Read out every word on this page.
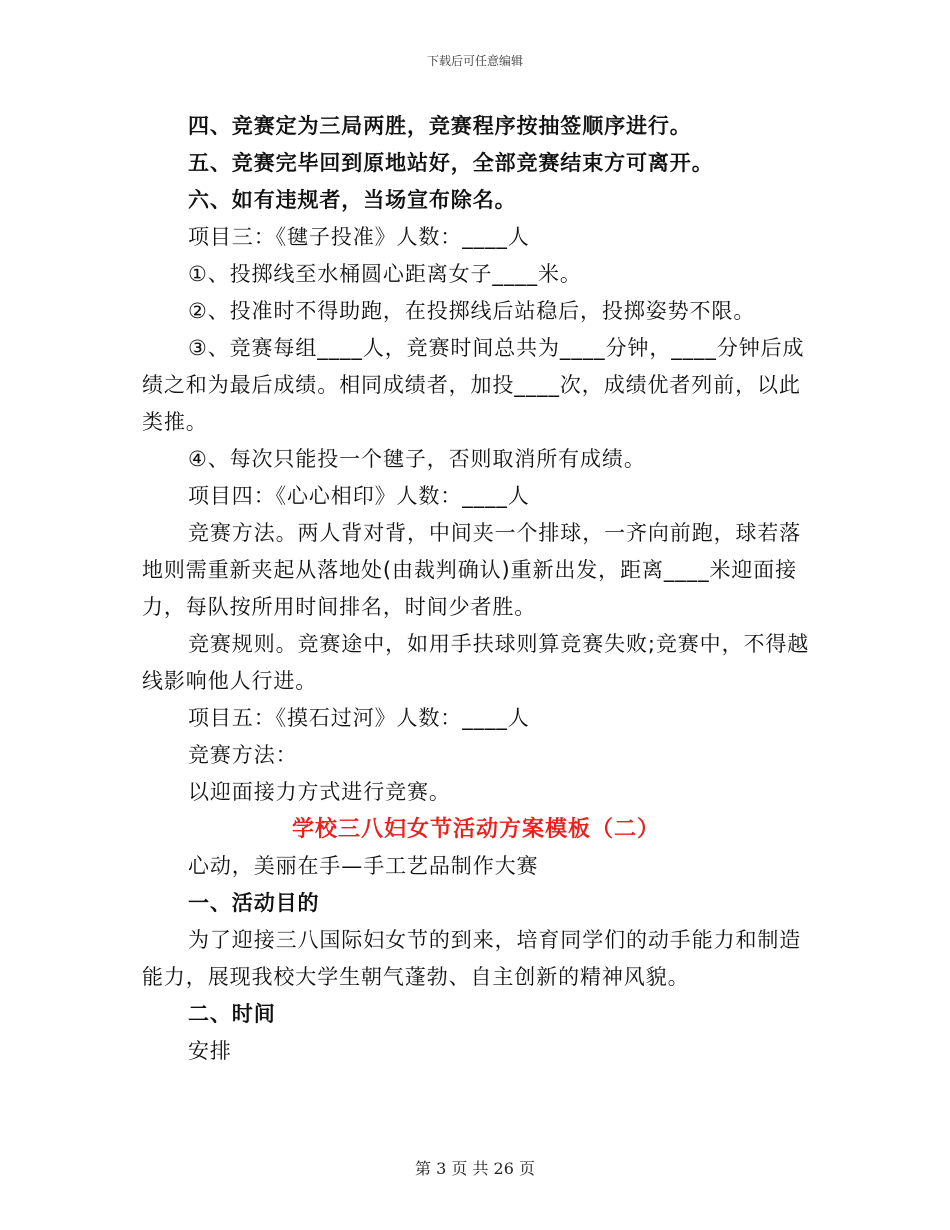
下载后可任意编辑
四、竞赛定为三局两胜，竞赛程序按抽签顺序进行。
五、竞赛完毕回到原地站好，全部竞赛结束方可离开。
六、如有违规者，当场宣布除名。
项目三：《毽子投准》人数：____人
①、投掷线至水桶圆心距离女子____米。
②、投准时不得助跑，在投掷线后站稳后，投掷姿势不限。
③、竞赛每组____人，竞赛时间总共为____分钟，____分钟后成绩之和为最后成绩。相同成绩者，加投____次，成绩优者列前，以此类推。
④、每次只能投一个毽子，否则取消所有成绩。
项目四：《心心相印》人数：____人
竞赛方法。两人背对背，中间夹一个排球，一齐向前跑，球若落地则需重新夹起从落地处(由裁判确认)重新出发，距离____米迎面接力，每队按所用时间排名，时间少者胜。
竞赛规则。竞赛途中，如用手扶球则算竞赛失败;竞赛中，不得越线影响他人行进。
项目五：《摸石过河》人数：____人
竞赛方法：
以迎面接力方式进行竞赛。
学校三八妇女节活动方案模板（二）
心动，美丽在手—手工艺品制作大赛
一、活动目的
为了迎接三八国际妇女节的到来，培育同学们的动手能力和制造能力，展现我校大学生朝气蓬勃、自主创新的精神风貌。
二、时间
安排
第 3 页 共 26 页
